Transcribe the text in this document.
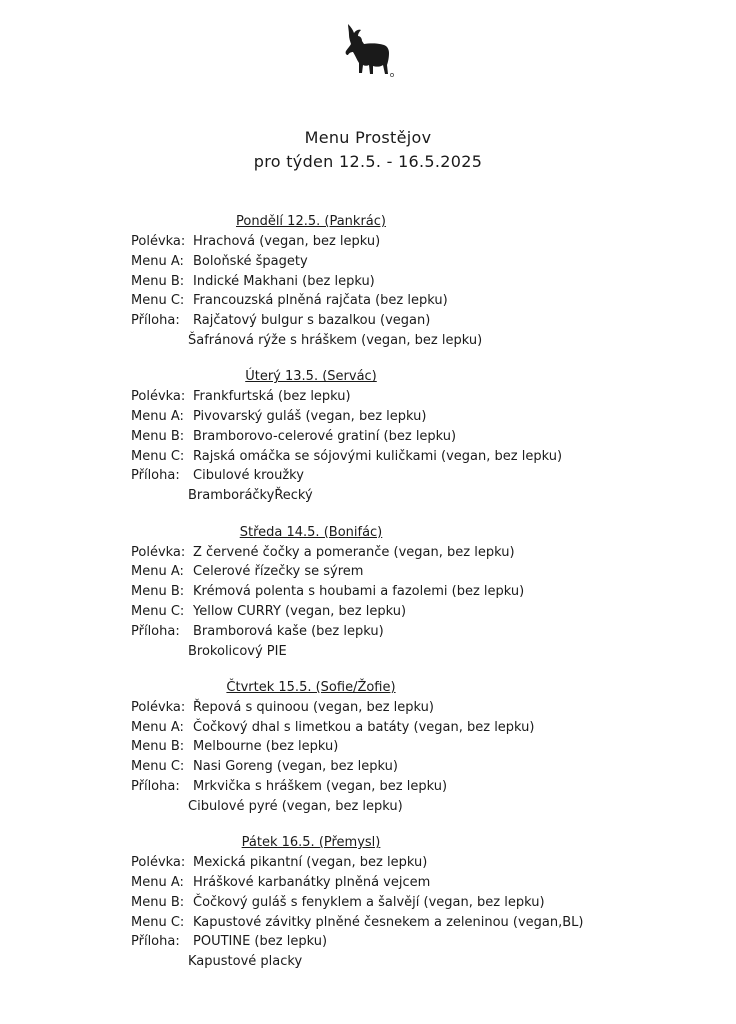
Menu Prostějov
pro týden 12.5. - 16.5.2025
Pondělí 12.5. (Pankrác)
Polévka: Hrachová (vegan, bez lepku)
Menu A: Boloňské špagety
Menu B: Indické Makhani (bez lepku)
Menu C: Francouzská plněná rajčata (bez lepku)
Příloha:	Rajčatový bulgur s bazalkou (vegan)
Šafránová rýže s hráškem (vegan, bez lepku)
Úterý 13.5. (Servác)
Polévka: Frankfurtská (bez lepku)
Menu A: Pivovarský guláš (vegan, bez lepku)
Menu B: Bramborovo-celerové gratiní (bez lepku)
Menu C: Rajská omáčka se sójovými kuličkami (vegan, bez lepku)
Příloha:	Cibulové kroužky
BramboráčkyŘecký
Středa 14.5. (Bonifác)
Polévka: Z červené čočky a pomeranče (vegan, bez lepku)
Menu A: Celerové řízečky se sýrem
Menu B: Krémová polenta s houbami a fazolemi (bez lepku)
Menu C: Yellow CURRY (vegan, bez lepku)
Příloha:	Bramborová kaše (bez lepku)
Brokolicový PIE
Čtvrtek 15.5. (Sofie/Žofie)
Polévka: Řepová s quinoou (vegan, bez lepku)
Menu A: Čočkový dhal s limetkou a batáty (vegan, bez lepku)
Menu B: Melbourne (bez lepku)
Menu C: Nasi Goreng (vegan, bez lepku)
Příloha:	Mrkvička s hráškem (vegan, bez lepku)
Cibulové pyré (vegan, bez lepku)
Pátek 16.5. (Přemysl)
Polévka: Mexická pikantní (vegan, bez lepku)
Menu A: Hráškové karbanátky plněná vejcem
Menu B: Čočkový guláš s fenyklem a šalvějí (vegan, bez lepku)
Menu C: Kapustové závitky plněné česnekem a zeleninou (vegan,BL)
Příloha:	POUTINE (bez lepku)
Kapustové placky
